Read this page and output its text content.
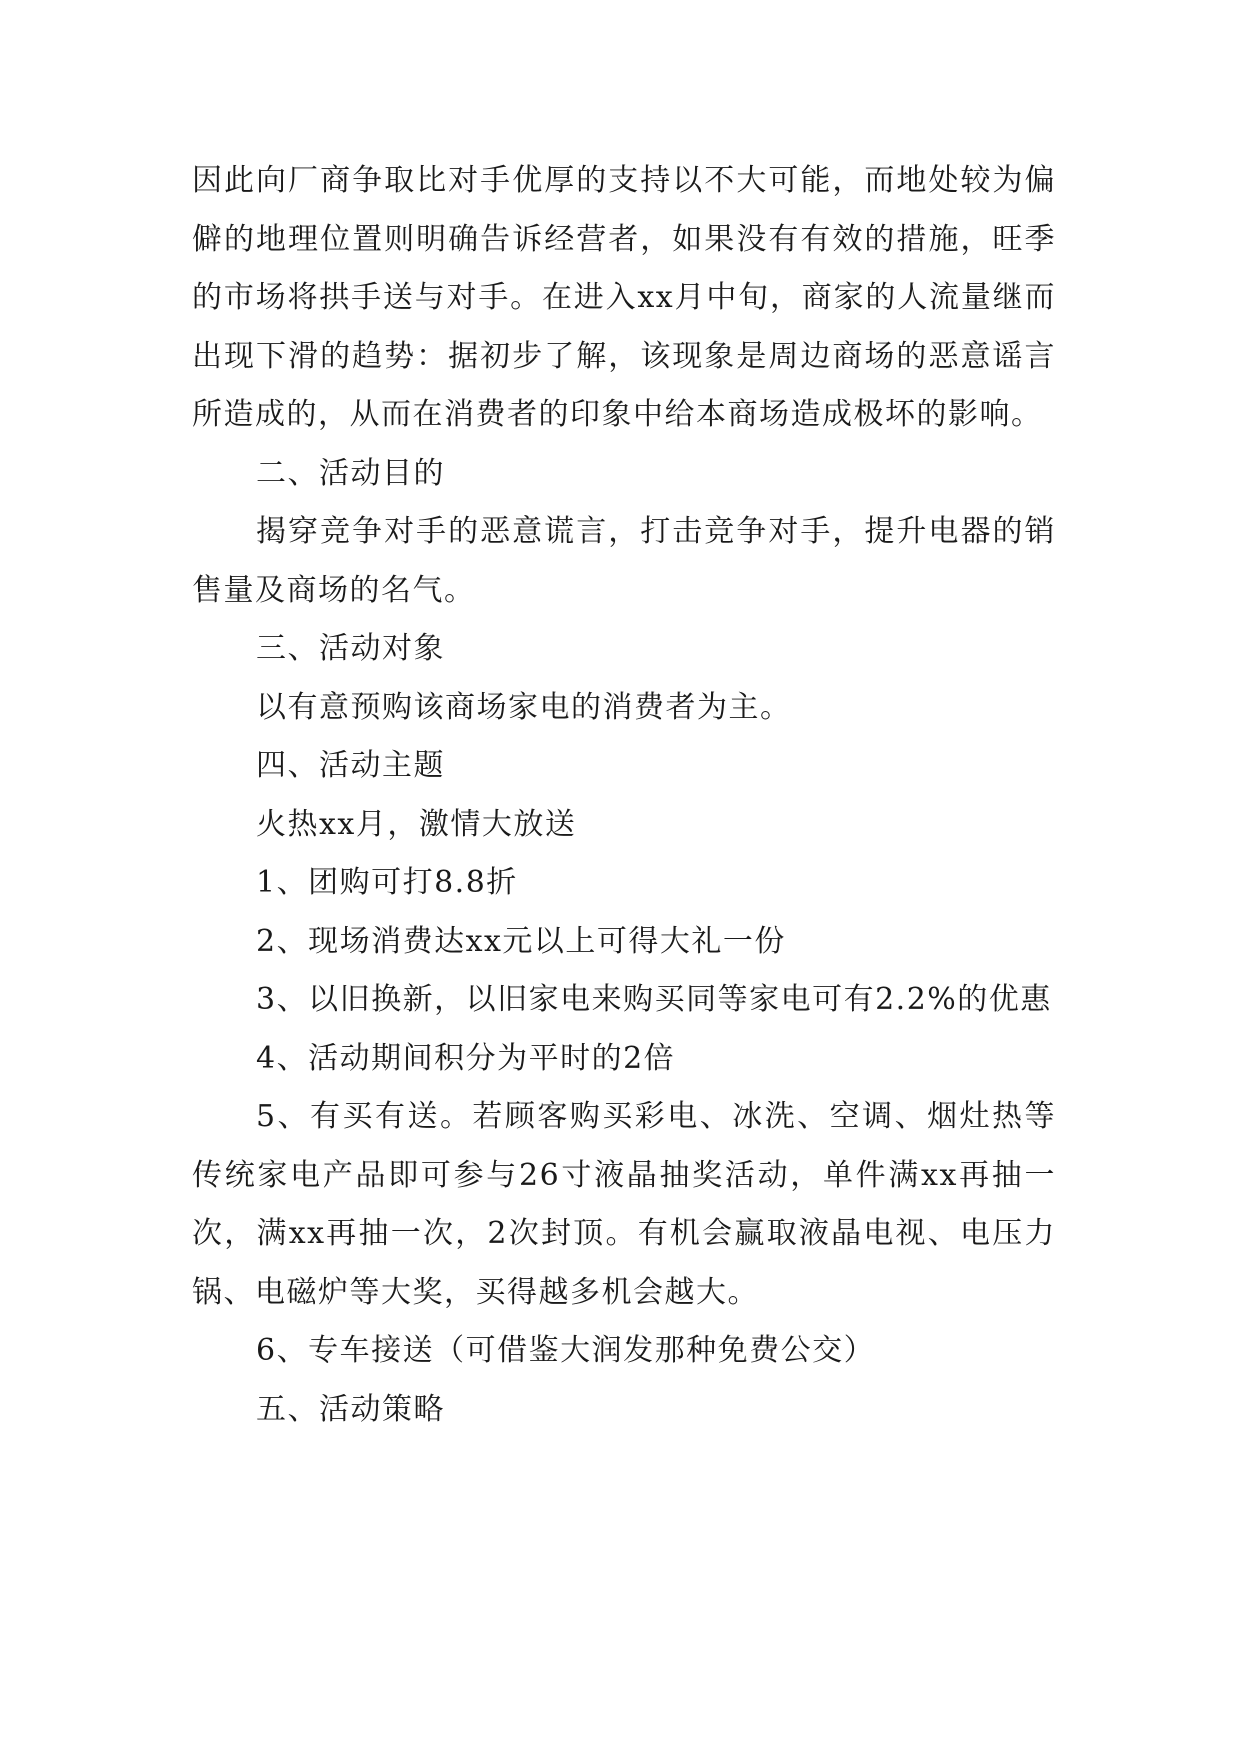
因此向厂商争取比对手优厚的支持以不大可能，而地处较为偏僻的地理位置则明确告诉经营者，如果没有有效的措施，旺季的市场将拱手送与对手。在进入xx月中旬，商家的人流量继而出现下滑的趋势：据初步了解，该现象是周边商场的恶意谣言所造成的，从而在消费者的印象中给本商场造成极坏的影响。

二、活动目的

揭穿竞争对手的恶意谎言，打击竞争对手，提升电器的销售量及商场的名气。

三、活动对象

以有意预购该商场家电的消费者为主。

四、活动主题

火热xx月，激情大放送

1、团购可打8.8折

2、现场消费达xx元以上可得大礼一份

3、以旧换新，以旧家电来购买同等家电可有2.2%的优惠

4、活动期间积分为平时的2倍

5、有买有送。若顾客购买彩电、冰洗、空调、烟灶热等传统家电产品即可参与26寸液晶抽奖活动，单件满xx再抽一次，满xx再抽一次，2次封顶。有机会赢取液晶电视、电压力锅、电磁炉等大奖，买得越多机会越大。

6、专车接送（可借鉴大润发那种免费公交）

五、活动策略
